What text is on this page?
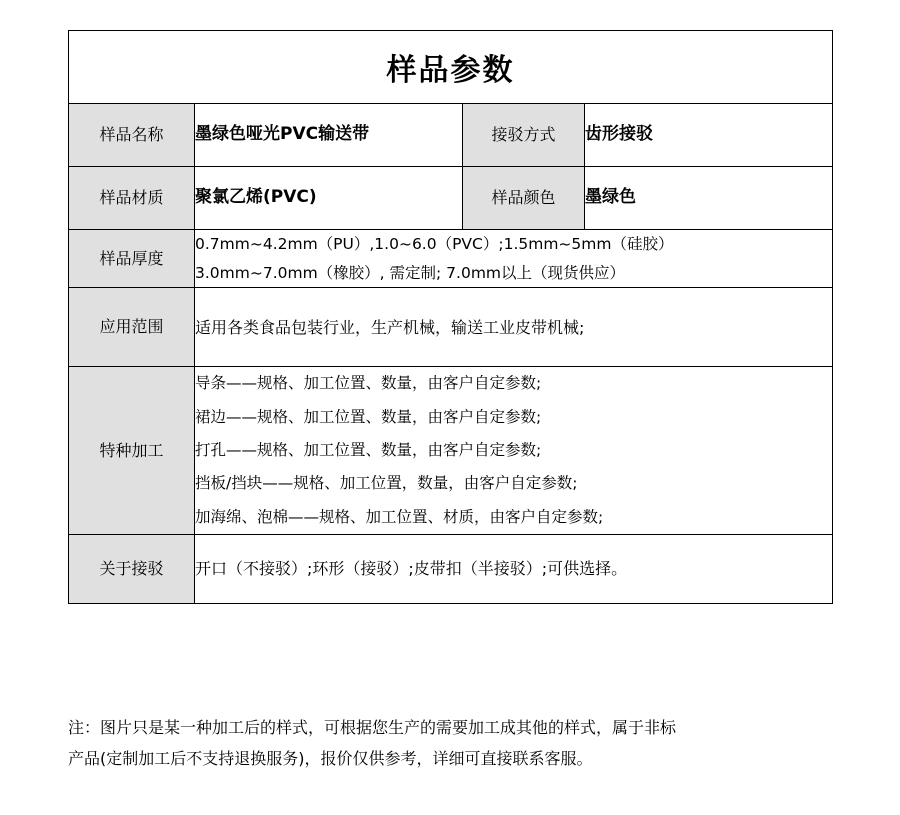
样品参数			
样品名称	墨绿色哑光PVC输送带	接驳方式	齿形接驳
样品材质	聚氯乙烯(PVC)	样品颜色	墨绿色
样品厚度	0.7mm~4.2mm（PU）,1.0~6.0（PVC）;1.5mm~5mm（硅胶）
3.0mm~7.0mm（橡胶）, 需定制; 7.0mm以上（现货供应）		

应用范围	适用各类食品包装行业，生产机械，输送工业皮带机械;		
特种加工	导条——规格、加工位置、数量，由客户自定参数;
裙边——规格、加工位置、数量，由客户自定参数;
打孔——规格、加工位置、数量，由客户自定参数;
挡板/挡块——规格、加工位置，数量，由客户自定参数;
加海绵、泡棉——规格、加工位置、材质，由客户自定参数;		

关于接驳	开口（不接驳）;环形（接驳）;皮带扣（半接驳）;可供选择。		
注：图片只是某一种加工后的样式，可根据您生产的需要加工成其他的样式，属于非标
产品(定制加工后不支持退换服务)，报价仅供参考，详细可直接联系客服。
